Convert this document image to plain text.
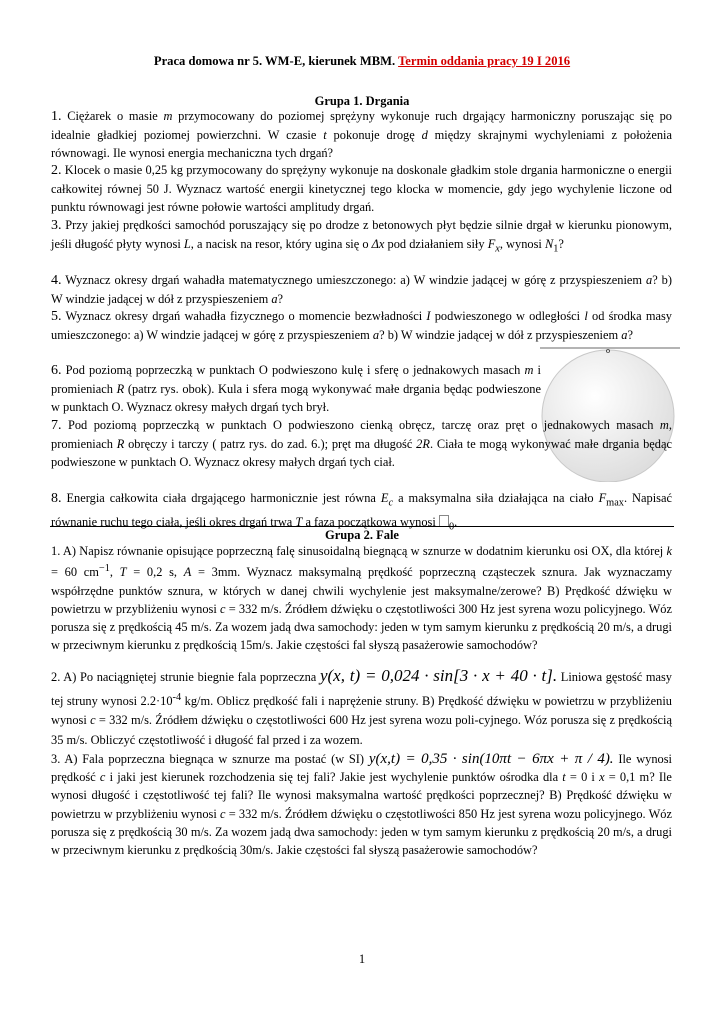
Praca domowa nr 5. WM-E, kierunek MBM. Termin oddania pracy 19 I 2016
Grupa 1. Drgania
1. Ciężarek o masie m przymocowany do poziomej sprężyny wykonuje ruch drgający harmoniczny poruszając się po idealnie gładkiej poziomej powierzchni. W czasie t pokonuje drogę d między skrajnymi wychyleniami z położenia równowagi. Ile wynosi energia mechaniczna tych drgań?
2. Klocek o masie 0,25 kg przymocowany do sprężyny wykonuje na doskonale gładkim stole drgania harmoniczne o energii całkowitej równej 50 J. Wyznacz wartość energii kinetycznej tego klocka w momencie, gdy jego wychylenie liczone od punktu równowagi jest równe połowie wartości amplitudy drgań.
3. Przy jakiej prędkości samochód poruszający się po drodze z betonowych płyt będzie silnie drgał w kierunku pionowym, jeśli długość płyty wynosi L, a nacisk na resor, który ugina się o Δx pod działaniem siły $F_x$, wynosi $N_1$?
4. Wyznacz okresy drgań wahadła matematycznego umieszczonego: a) W windzie jadącej w górę z przyspieszeniem a? b) W windzie jadącej w dół z przyspieszeniem a?
5. Wyznacz okresy drgań wahadła fizycznego o momencie bezwładności I podwieszonego w odległości l od środka masy umieszczonego: a) W windzie jadącej w górę z przyspieszeniem a? b) W windzie jadącej w dół z przyspieszeniem a?
6. Pod poziomą poprzeczką w punktach O podwieszono kulę i sferę o jednakowych masach m i promieniach R (patrz rys. obok). Kula i sfera mogą wykonywać małe drgania będąc podwieszone w punktach O. Wyznacz okresy małych drgań tych brył.
o
7. Pod poziomą poprzeczką w punktach O podwieszono cienką obręcz, tarczę oraz pręt o jednakowych masach m, promieniach R obręczy i tarczy ( patrz rys. do zad. 6.); pręt ma długość 2R. Ciała te mogą wykonywać małe drgania będąc podwieszone w punktach O. Wyznacz okresy małych drgań tych ciał.
8. Energia całkowita ciała drgającego harmonicznie jest równa $E_c$ a maksymalna siła działająca na ciało $F_{max}$. Napisać równanie ruchu tego ciała, jeśli okres drgań trwa T a faza początkowa wynosi $_0$.
Grupa 2. Fale
1. A) Napisz równanie opisujące poprzeczną falę sinusoidalną biegnącą w sznurze w dodatnim kierunku osi OX, dla której k = 60 $cm^{-1}$, T = 0,2 s, A = 3mm. Wyznacz maksymalną prędkość poprzeczną cząsteczek sznura. Jak wyznaczamy współrzędne punktów sznura, w których w danej chwili wychylenie jest maksymalne/zerowe? B) Prędkość dźwięku w powietrzu w przybliżeniu wynosi c = 332 m/s. Źródłem dźwięku o częstotliwości 300 Hz jest syrena wozu policyjnego. Wóz porusza się z prędkością 45 m/s. Za wozem jadą dwa samochody: jeden w tym samym kierunku z prędkością 20 m/s, a drugi w przeciwnym kierunku z prędkością 15m/s. Jakie częstości fal słyszą pasażerowie samochodów?
2. A) Po naciągniętej strunie biegnie fala poprzeczna y(x, t) = 0,024 · sin[3 · x + 40 · t]. Liniowa gęstość masy tej struny wynosi $2.2\cdot 10^{-4}$ kg/m. Oblicz prędkość fali i naprężenie struny. B) Prędkość dźwięku w powietrzu w przybliżeniu wynosi c = 332 m/s. Źródłem dźwięku o częstotliwości 600 Hz jest syrena wozu poli-cyjnego. Wóz porusza się z prędkością 35 m/s. Obliczyć częstotliwość i długość fal przed i za wozem.
3. A) Fala poprzeczna biegnąca w sznurze ma postać (w SI) y(x,t) = 0,35 · sin(10πt − 6πx + π / 4). Ile wynosi prędkość c i jaki jest kierunek rozchodzenia się tej fali? Jakie jest wychylenie punktów ośrodka dla t = 0 i x = 0,1 m? Ile wynosi długość i częstotliwość tej fali? Ile wynosi maksymalna wartość prędkości poprzecznej? B) Prędkość dźwięku w powietrzu w przybliżeniu wynosi c = 332 m/s. Źródłem dźwięku o częstotliwości 850 Hz jest syrena wozu policyjnego. Wóz porusza się z prędkością 30 m/s. Za wozem jadą dwa samochody: jeden w tym samym kierunku z prędkością 20 m/s, a drugi w przeciwnym kierunku z prędkością 30m/s. Jakie częstości fal słyszą pasażerowie samochodów?
1
